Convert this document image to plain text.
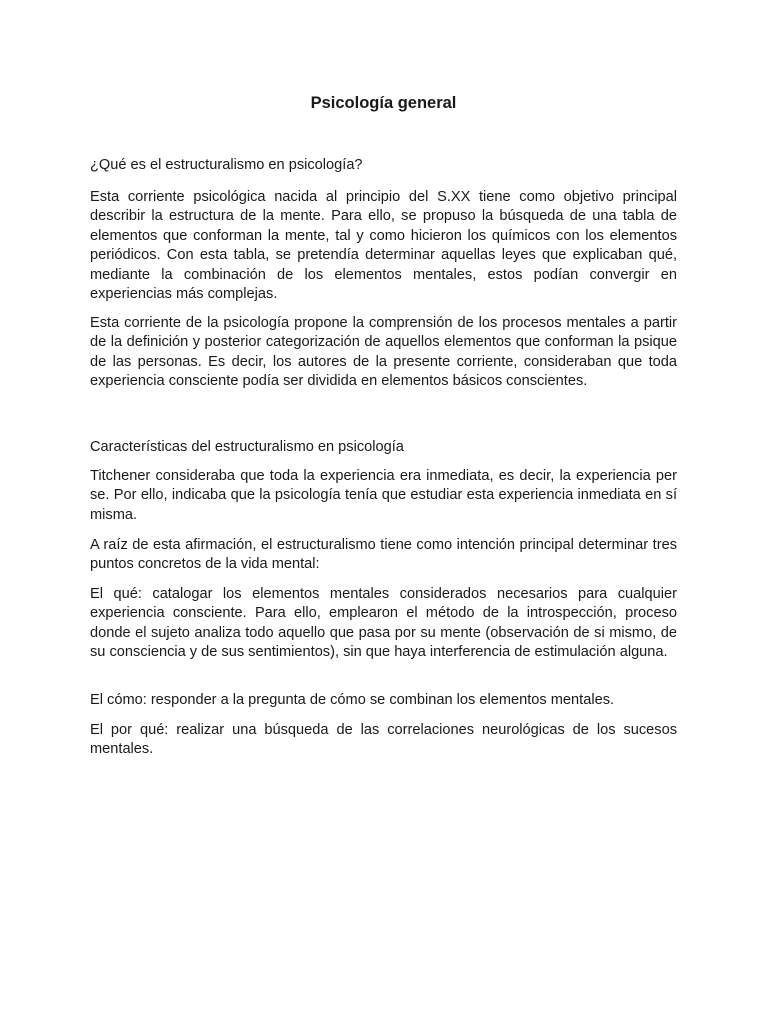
Psicología general

¿Qué es el estructuralismo en psicología?

Esta corriente psicológica nacida al principio del S.XX tiene como objetivo principal describir la estructura de la mente. Para ello, se propuso la búsqueda de una tabla de elementos que conforman la mente, tal y como hicieron los químicos con los elementos periódicos. Con esta tabla, se pretendía determinar aquellas leyes que explicaban qué, mediante la combinación de los elementos mentales, estos podían convergir en experiencias más complejas.

Esta corriente de la psicología propone la comprensión de los procesos mentales a partir de la definición y posterior categorización de aquellos elementos que conforman la psique de las personas. Es decir, los autores de la presente corriente, consideraban que toda experiencia consciente podía ser dividida en elementos básicos conscientes.

Características del estructuralismo en psicología

Titchener consideraba que toda la experiencia era inmediata, es decir, la experiencia per se. Por ello, indicaba que la psicología tenía que estudiar esta experiencia inmediata en sí misma.

A raíz de esta afirmación, el estructuralismo tiene como intención principal determinar tres puntos concretos de la vida mental:

El qué: catalogar los elementos mentales considerados necesarios para cualquier experiencia consciente. Para ello, emplearon el método de la introspección, proceso donde el sujeto analiza todo aquello que pasa por su mente (observación de si mismo, de su consciencia y de sus sentimientos), sin que haya interferencia de estimulación alguna.

El cómo: responder a la pregunta de cómo se combinan los elementos mentales.

El por qué: realizar una búsqueda de las correlaciones neurológicas de los sucesos mentales.
